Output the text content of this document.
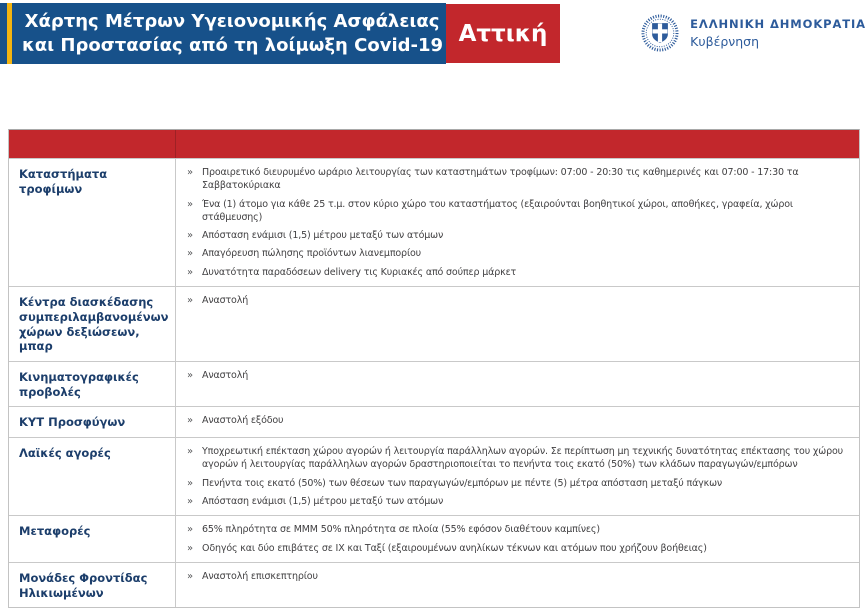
Χάρτης Μέτρων Υγειονομικής Ασφάλειας
και Προστασίας από τη λοίμωξη Covid-19 Αττική	ΕΛΛΗΝΙΚΗ ΔΗΜΟΚΡΑΤΙΑ
Κυβέρνηση
Καταστήματα τροφίμων
» Προαιρετικό διευρυμένο ωράριο λειτουργίας των καταστημάτων τροφίμων: 07:00 - 20:30 τις καθημερινές και 07:00 - 17:30 τα Σαββατοκύριακα
» Ένα (1) άτομο για κάθε 25 τ.μ. στον κύριο χώρο του καταστήματος (εξαιρούνται βοηθητικοί χώροι, αποθήκες, γραφεία, χώροι στάθμευσης)
» Απόσταση ενάμισι (1,5) μέτρου μεταξύ των ατόμων
» Απαγόρευση πώλησης προϊόντων λιανεμπορίου
» Δυνατότητα παραδόσεων delivery τις Κυριακές από σούπερ μάρκετ
Κέντρα διασκέδασης συμπεριλαμβανομένων χώρων δεξιώσεων, μπαρ
» Αναστολή
Κινηματογραφικές προβολές
» Αναστολή
ΚΥΤ Προσφύγων	» Αναστολή εξόδου
Λαϊκές αγορές	» Υποχρεωτική επέκταση χώρου αγορών ή λειτουργία παράλληλων αγορών. Σε περίπτωση μη τεχνικής δυνατότητας επέκτασης του χώρου αγορών ή λειτουργίας παράλληλων αγορών δραστηριοποιείται το πενήντα τοις εκατό (50%) των κλάδων παραγωγών/εμπόρων
» Πενήντα τοις εκατό (50%) των θέσεων των παραγωγών/εμπόρων με πέντε (5) μέτρα απόσταση μεταξύ πάγκων
» Απόσταση ενάμισι (1,5) μέτρου μεταξύ των ατόμων
Μεταφορές	» 65% πληρότητα σε ΜΜΜ 50% πληρότητα σε πλοία (55% εφόσον διαθέτουν καμπίνες)
» Οδηγός και δύο επιβάτες σε ΙΧ και Ταξί (εξαιρουμένων ανηλίκων τέκνων και ατόμων που χρήζουν βοήθειας)
Μονάδες Φροντίδας Ηλικιωμένων
» Αναστολή επισκεπτηρίου
